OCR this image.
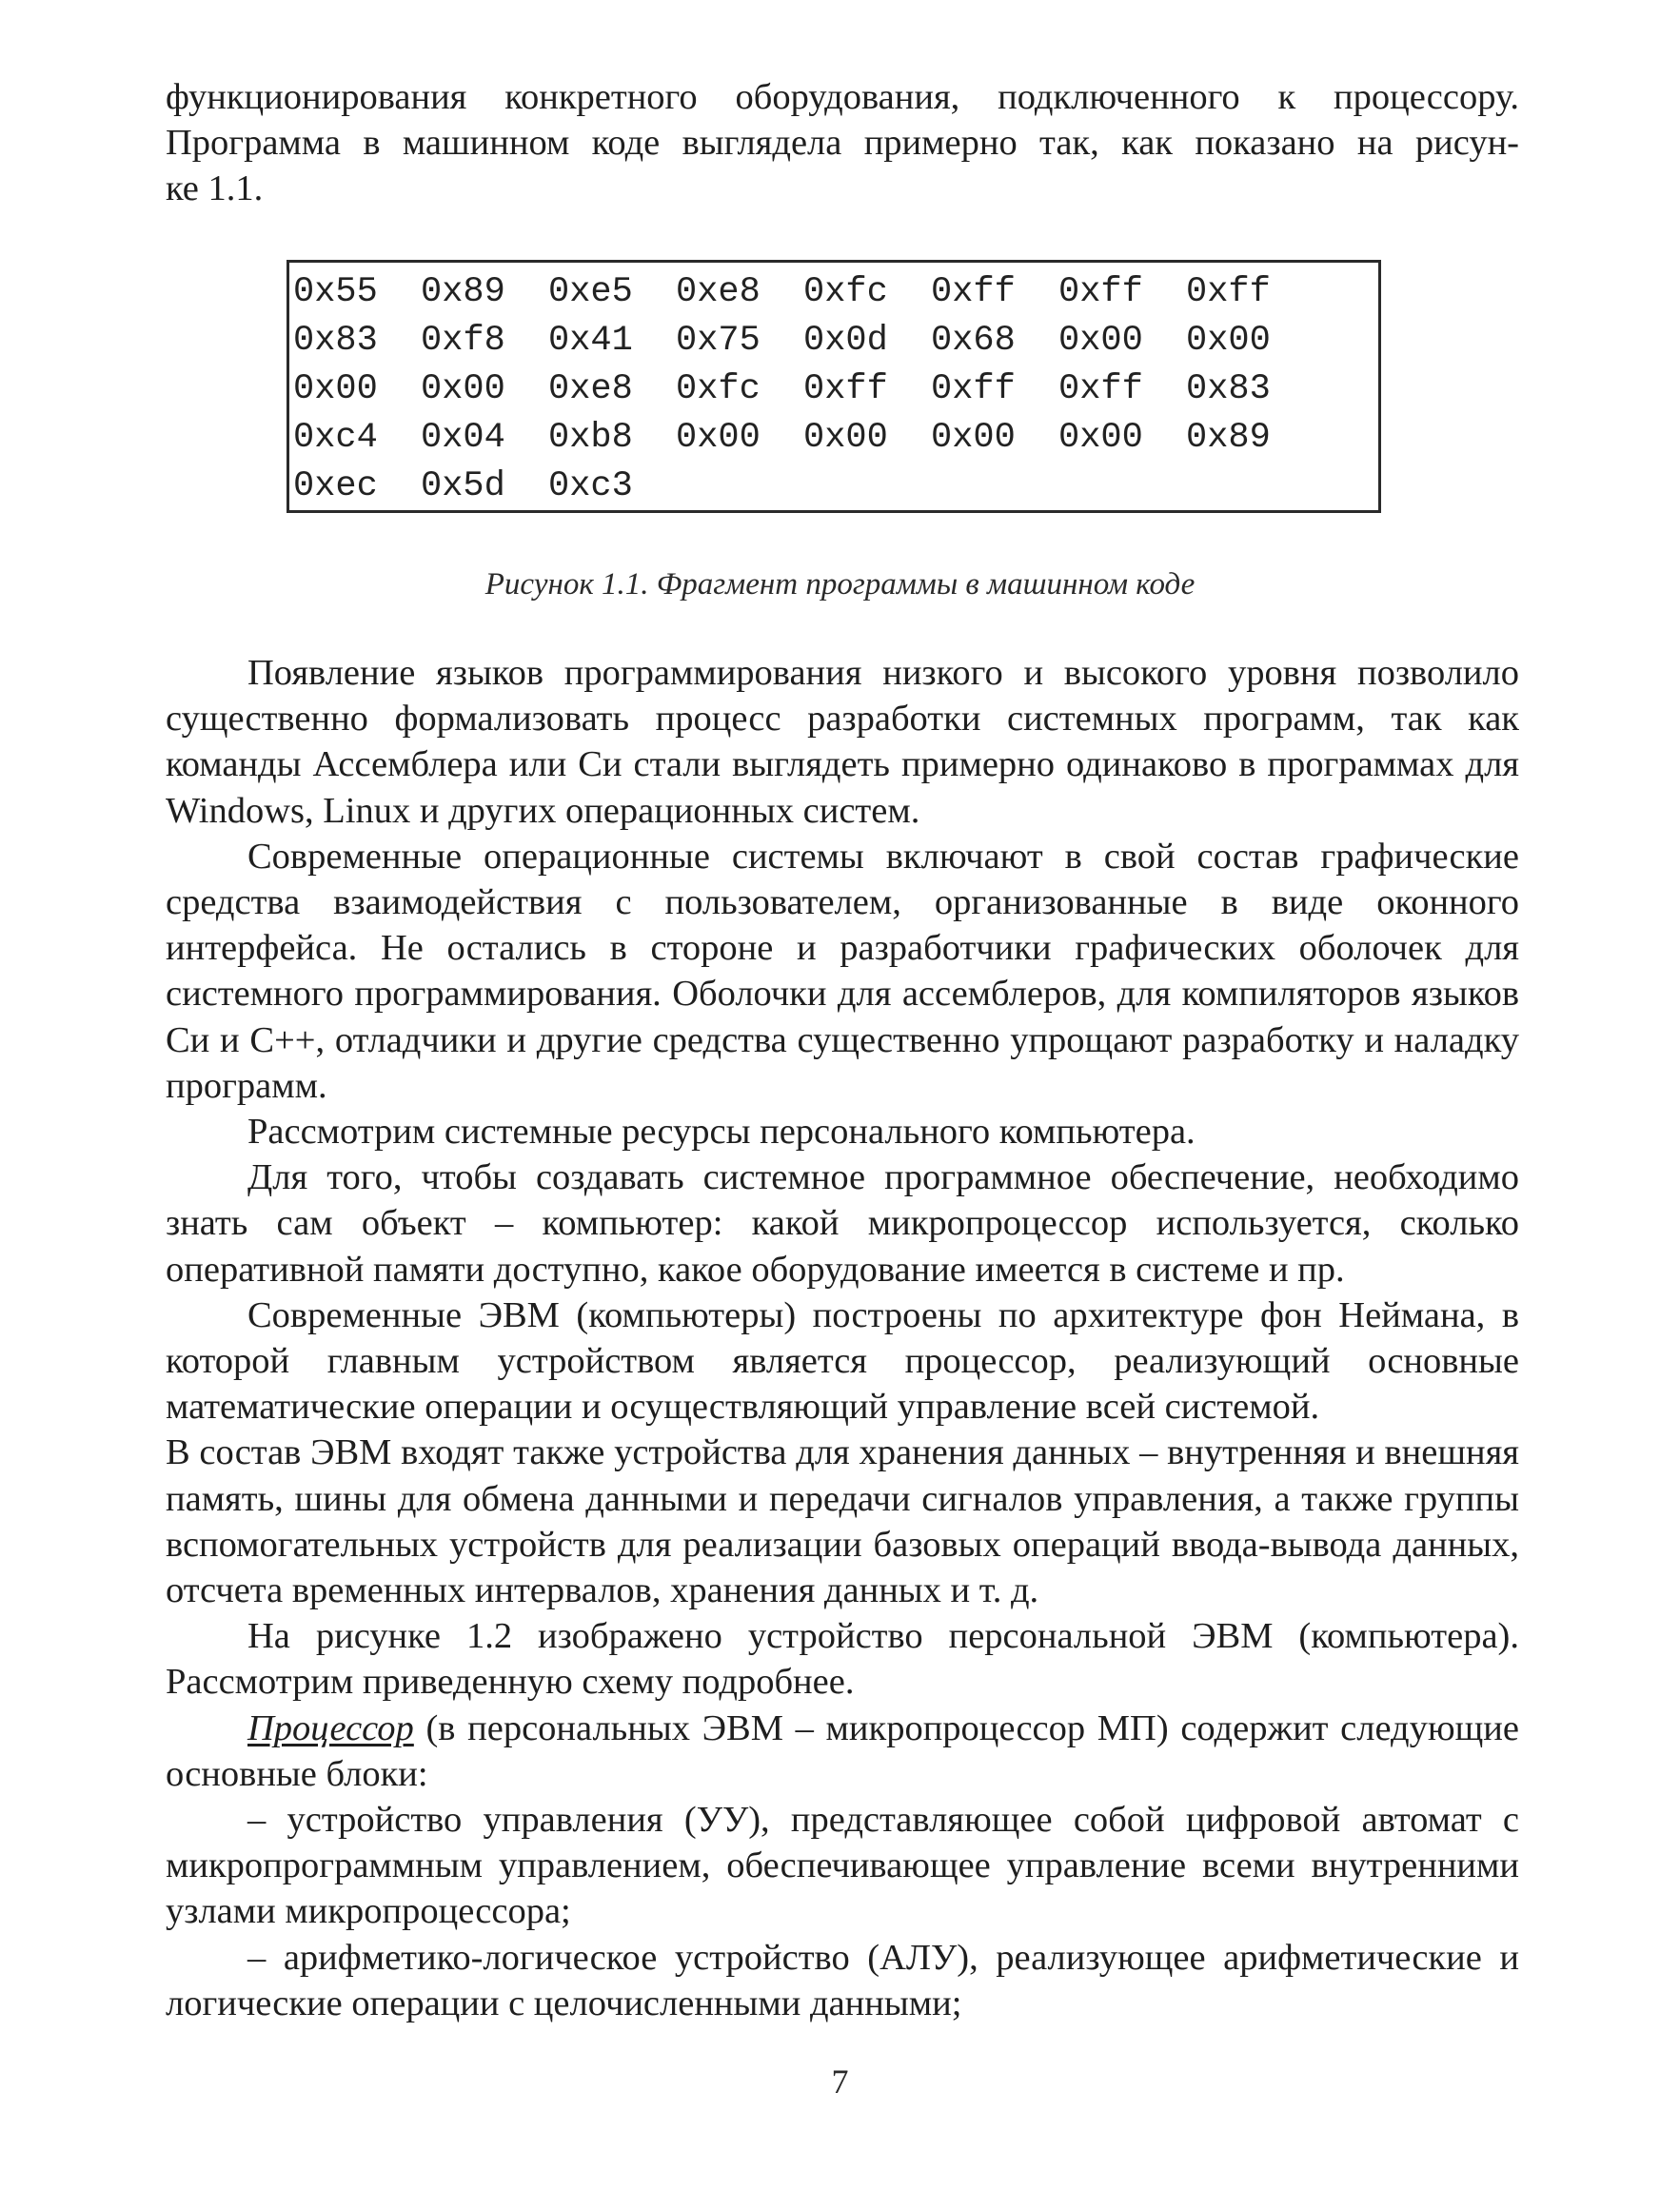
функционирования конкретного оборудования, подключенного к процессору.

Программа в машинном коде выглядела примерно так, как показано на рисун-

ке 1.1.

0x55	0x89	0xe5	0xe8	0xfc	0xff	0xff	0xff
0x83	0xf8	0x41	0x75	0x0d	0x68	0x00	0x00
0x00	0x00	0xe8	0xfc	0xff	0xff	0xff	0x83
0xc4	0x04	0xb8	0x00	0x00	0x00	0x00	0x89
0xec	0x5d	0xc3					
Рисунок 1.1. Фрагмент программы в машинном коде

Появление языков программирования низкого и высокого уровня позволило существенно формализовать процесс разработки системных программ, так как команды Ассемблера или Си стали выглядеть примерно одинаково в программах для Windows, Linux и других операционных систем.

Современные операционные системы включают в свой состав графические средства взаимодействия с пользователем, организованные в виде оконного интерфейса. Не остались в стороне и разработчики графических оболочек для системного программирования. Оболочки для ассемблеров, для компиляторов языков Си и С++, отладчики и другие средства существенно упрощают разработку и наладку программ.

Рассмотрим системные ресурсы персонального компьютера.

Для того, чтобы создавать системное программное обеспечение, необходимо знать сам объект – компьютер: какой микропроцессор используется, сколько оперативной памяти доступно, какое оборудование имеется в системе и пр.

Современные ЭВМ (компьютеры) построены по архитектуре фон Неймана, в которой главным устройством является процессор, реализующий основные математические операции и осуществляющий управление всей системой.

В состав ЭВМ входят также устройства для хранения данных – внутренняя и внешняя память, шины для обмена данными и передачи сигналов управления, а также группы вспомогательных устройств для реализации базовых операций ввода-вывода данных, отсчета временных интервалов, хранения данных и т. д.

На рисунке 1.2 изображено устройство персональной ЭВМ (компьютера). Рассмотрим приведенную схему подробнее.

Процессор (в персональных ЭВМ – микропроцессор МП) содержит следующие основные блоки:

– устройство управления (УУ), представляющее собой цифровой автомат с микропрограммным управлением, обеспечивающее управление всеми внутренними узлами микропроцессора;

– арифметико-логическое устройство (АЛУ), реализующее арифметические и логические операции с целочисленными данными;

7
